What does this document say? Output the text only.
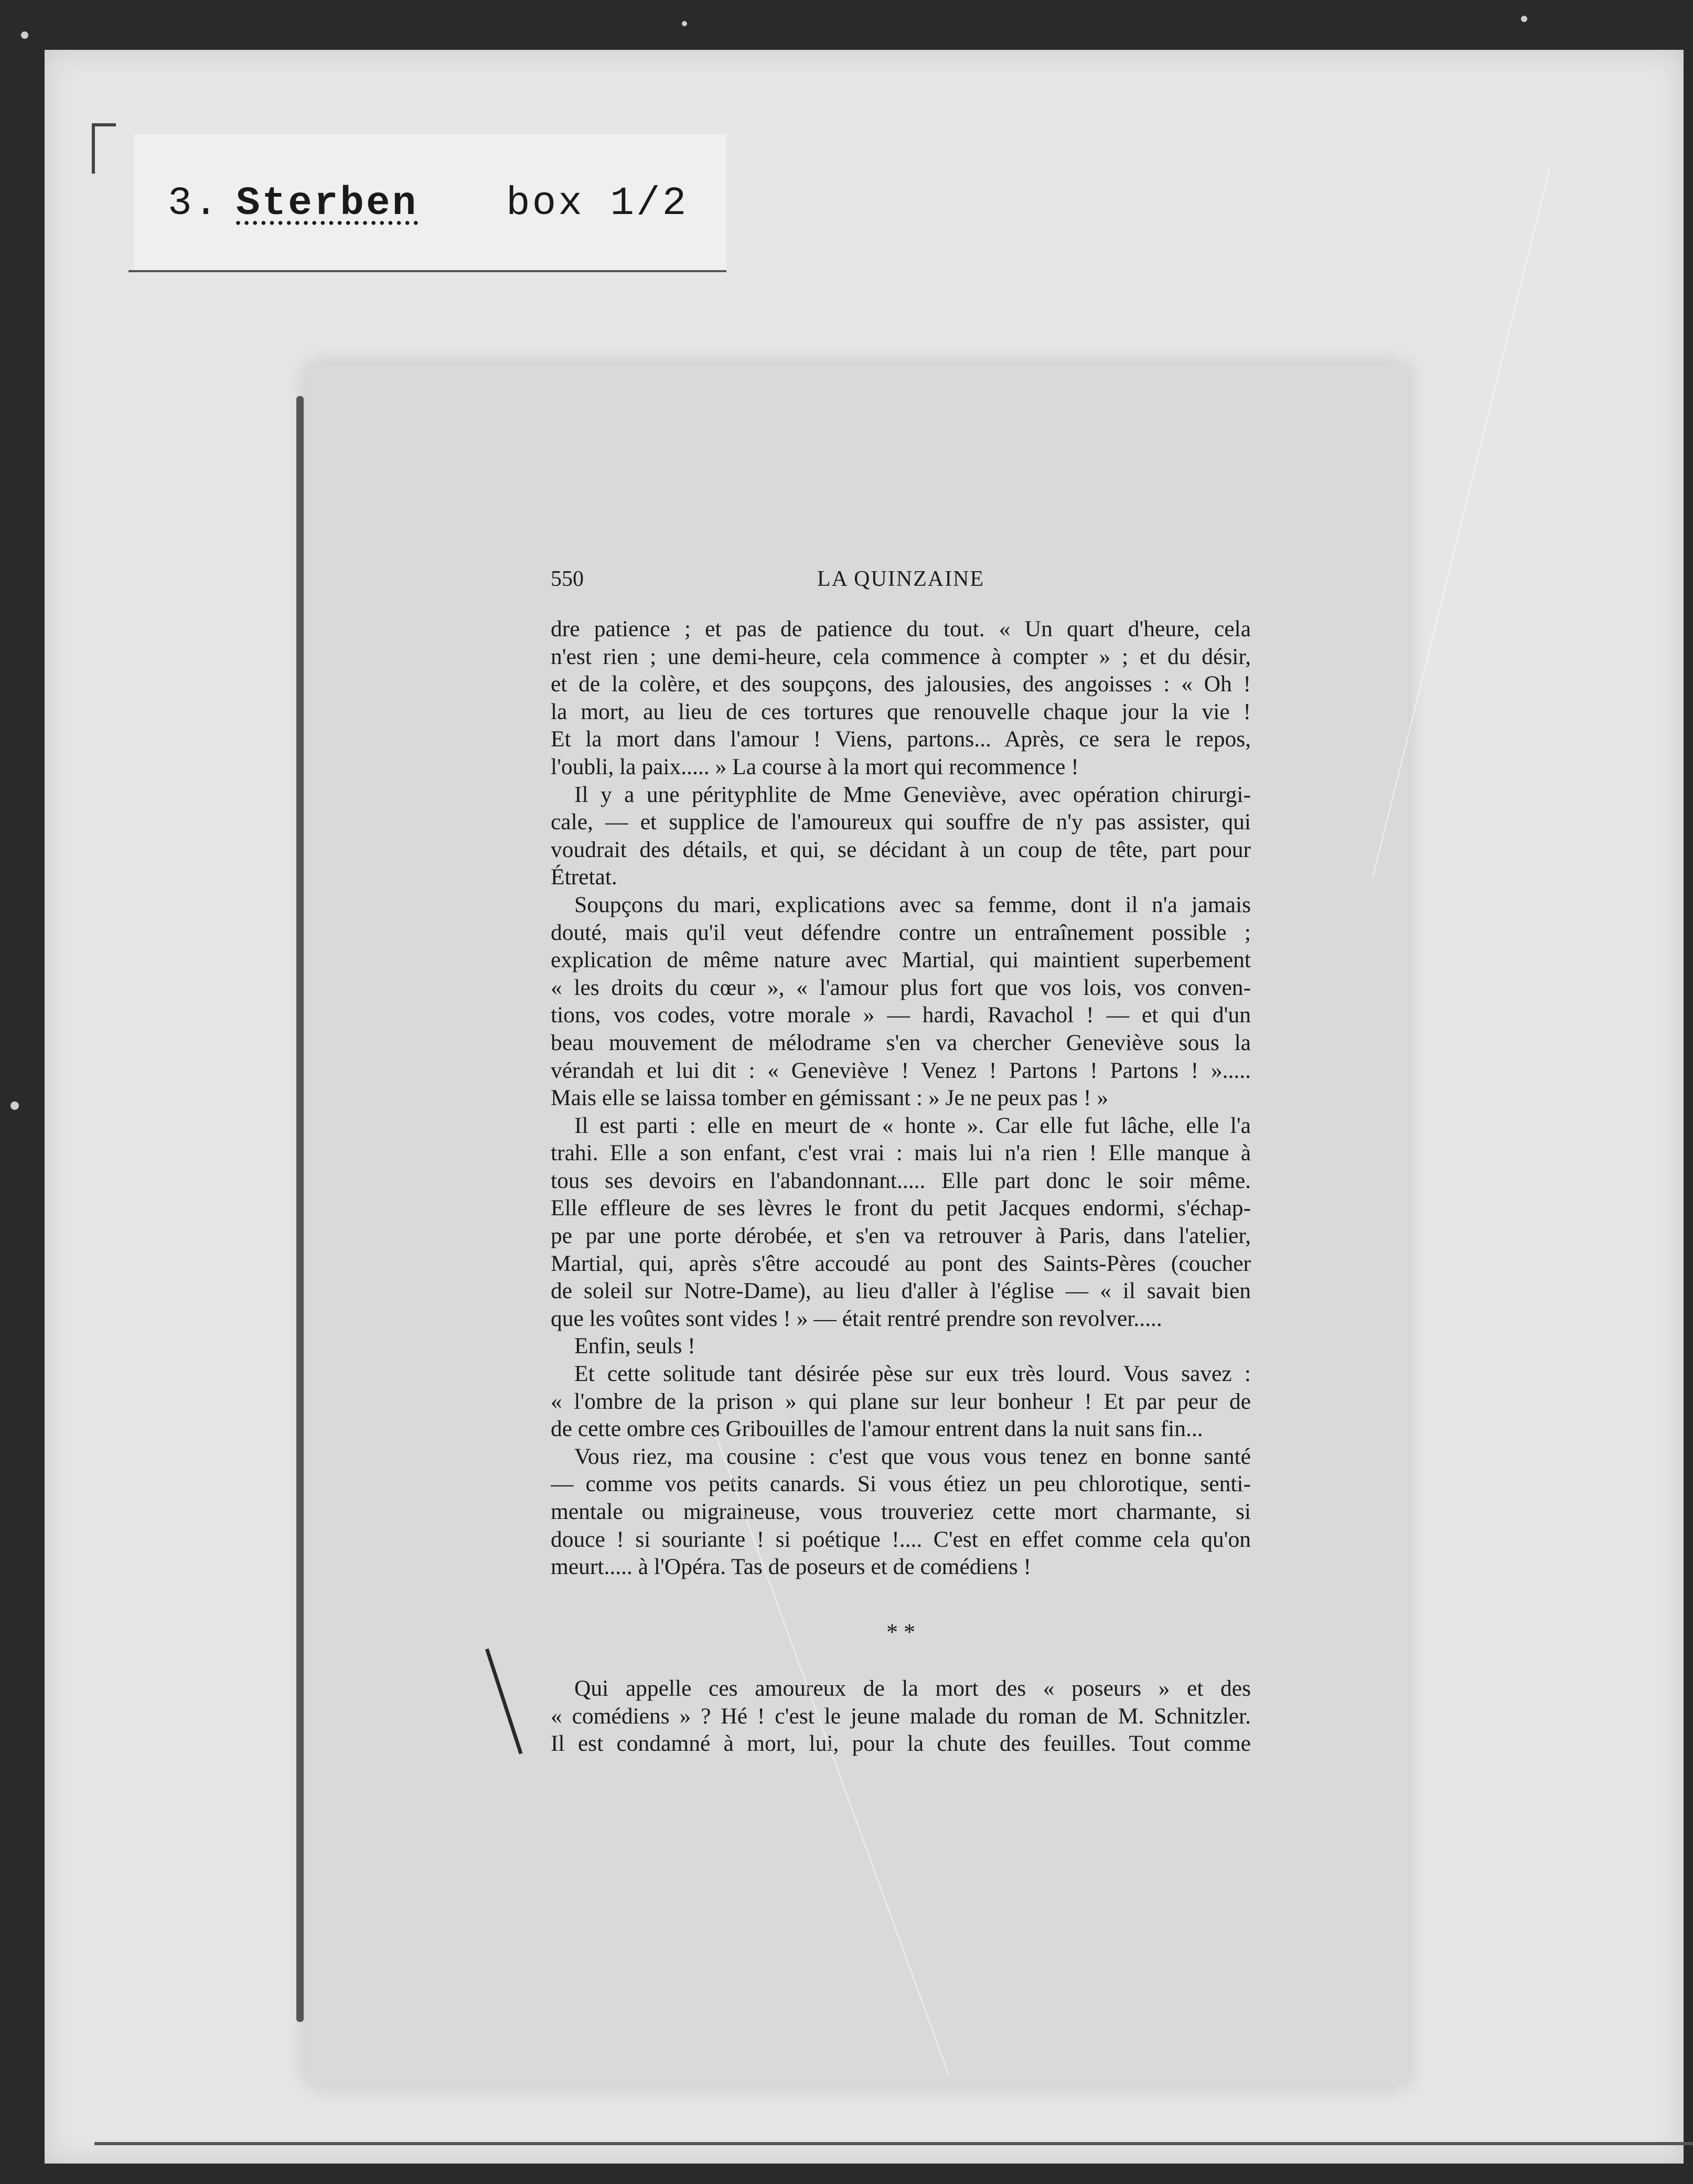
3. Sterben box 1/2
550	LA QUINZAINE
dre patience ; et pas de patience du tout. « Un quart d'heure, cela
n'est rien ; une demi-heure, cela commence à compter » ; et du désir,
et de la colère, et des soupçons, des jalousies, des angoisses : « Oh !
la mort, au lieu de ces tortures que renouvelle chaque jour la vie !
Et la mort dans l'amour ! Viens, partons... Après, ce sera le repos,
l'oubli, la paix..... » La course à la mort qui recommence !
Il y a une pérityphlite de Mme Geneviève, avec opération chirurgi-
cale, — et supplice de l'amoureux qui souffre de n'y pas assister, qui
voudrait des détails, et qui, se décidant à un coup de tête, part pour
Étretat.
Soupçons du mari, explications avec sa femme, dont il n'a jamais
douté, mais qu'il veut défendre contre un entraînement possible ;
explication de même nature avec Martial, qui maintient superbement
« les droits du cœur », « l'amour plus fort que vos lois, vos conven-
tions, vos codes, votre morale » — hardi, Ravachol ! — et qui d'un
beau mouvement de mélodrame s'en va chercher Geneviève sous la
vérandah et lui dit : « Geneviève ! Venez ! Partons ! Partons ! ».....
Mais elle se laissa tomber en gémissant : » Je ne peux pas ! »
Il est parti : elle en meurt de « honte ». Car elle fut lâche, elle l'a
trahi. Elle a son enfant, c'est vrai : mais lui n'a rien ! Elle manque à
tous ses devoirs en l'abandonnant..... Elle part donc le soir même.
Elle effleure de ses lèvres le front du petit Jacques endormi, s'échap-
pe par une porte dérobée, et s'en va retrouver à Paris, dans l'atelier,
Martial, qui, après s'être accoudé au pont des Saints-Pères (coucher
de soleil sur Notre-Dame), au lieu d'aller à l'église — « il savait bien
que les voûtes sont vides ! » — était rentré prendre son revolver.....
Enfin, seuls !
Et cette solitude tant désirée pèse sur eux très lourd. Vous savez :
« l'ombre de la prison » qui plane sur leur bonheur ! Et par peur de
de cette ombre ces Gribouilles de l'amour entrent dans la nuit sans fin...
Vous riez, ma cousine : c'est que vous vous tenez en bonne santé
— comme vos petits canards. Si vous étiez un peu chlorotique, senti-
mentale ou migraineuse, vous trouveriez cette mort charmante, si
douce ! si souriante ! si poétique !.... C'est en effet comme cela qu'on
meurt..... à l'Opéra. Tas de poseurs et de comédiens !
* *
Qui appelle ces amoureux de la mort des « poseurs » et des
« comédiens » ? Hé ! c'est le jeune malade du roman de M. Schnitzler.
Il est condamné à mort, lui, pour la chute des feuilles. Tout comme
